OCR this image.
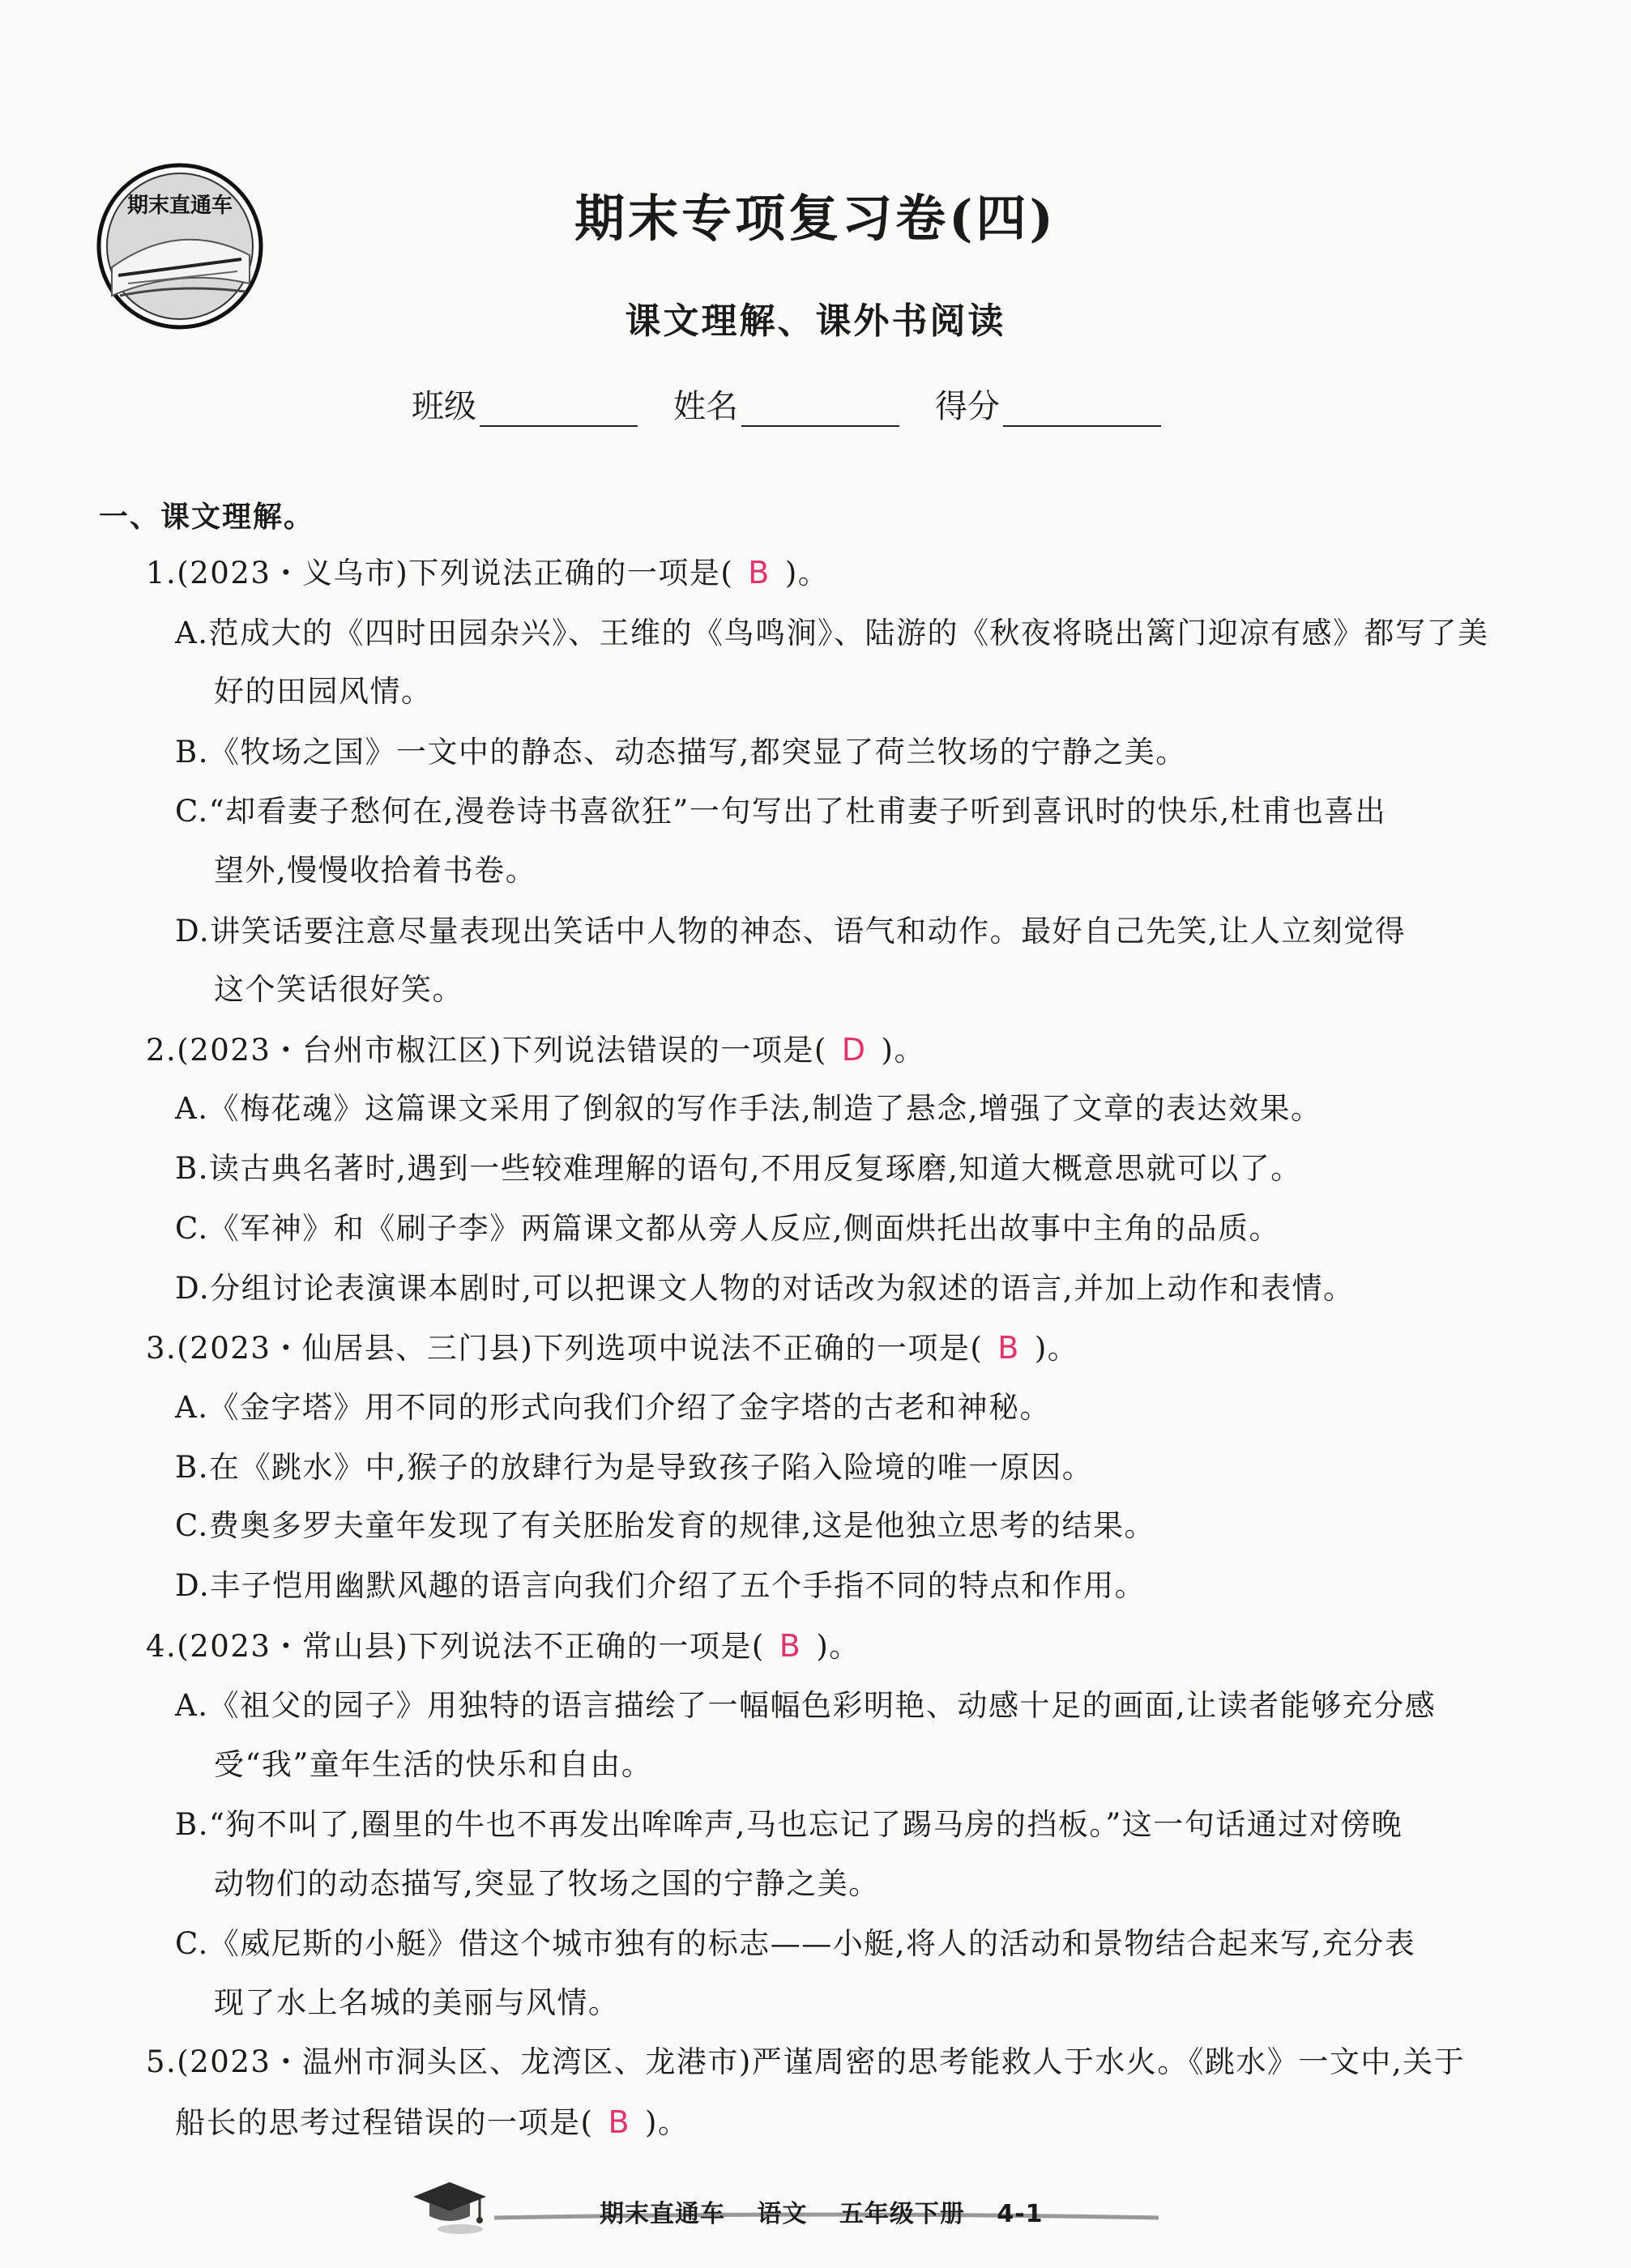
期末直通车	期末专项复习卷(四)
课文理解、课外书阅读
班级	姓名	得分
一、课文理解。
1.(2023・义乌市)下列说法正确的一项是( B )。
A.范成大的《四时田园杂兴》、王维的《鸟鸣涧》、陆游的《秋夜将晓出篱门迎凉有感》都写了美
好的田园风情。
B.《牧场之国》一文中的静态、动态描写,都突显了荷兰牧场的宁静之美。
C.“却看妻子愁何在,漫卷诗书喜欲狂”一句写出了杜甫妻子听到喜讯时的快乐,杜甫也喜出
望外,慢慢收拾着书卷。
D.讲笑话要注意尽量表现出笑话中人物的神态、语气和动作。最好自己先笑,让人立刻觉得
这个笑话很好笑。
2.(2023・台州市椒江区)下列说法错误的一项是( D )。
A.《梅花魂》这篇课文采用了倒叙的写作手法,制造了悬念,增强了文章的表达效果。
B.读古典名著时,遇到一些较难理解的语句,不用反复琢磨,知道大概意思就可以了。
C.《军神》和《刷子李》两篇课文都从旁人反应,侧面烘托出故事中主角的品质。
D.分组讨论表演课本剧时,可以把课文人物的对话改为叙述的语言,并加上动作和表情。
3.(2023・仙居县、三门县)下列选项中说法不正确的一项是( B )。
A.《金字塔》用不同的形式向我们介绍了金字塔的古老和神秘。
B.在《跳水》中,猴子的放肆行为是导致孩子陷入险境的唯一原因。
C.费奥多罗夫童年发现了有关胚胎发育的规律,这是他独立思考的结果。
D.丰子恺用幽默风趣的语言向我们介绍了五个手指不同的特点和作用。
4.(2023・常山县)下列说法不正确的一项是( B )。
A.《祖父的园子》用独特的语言描绘了一幅幅色彩明艳、动感十足的画面,让读者能够充分感
受“我”童年生活的快乐和自由。
B.“狗不叫了,圈里的牛也不再发出哞哞声,马也忘记了踢马房的挡板。”这一句话通过对傍晚
动物们的动态描写,突显了牧场之国的宁静之美。
C.《威尼斯的小艇》借这个城市独有的标志——小艇,将人的活动和景物结合起来写,充分表
现了水上名城的美丽与风情。
5.(2023・温州市洞头区、龙湾区、龙港市)严谨周密的思考能救人于水火。《跳水》一文中,关于
船长的思考过程错误的一项是( B )。
期末直通车 语文 五年级下册 4-1
